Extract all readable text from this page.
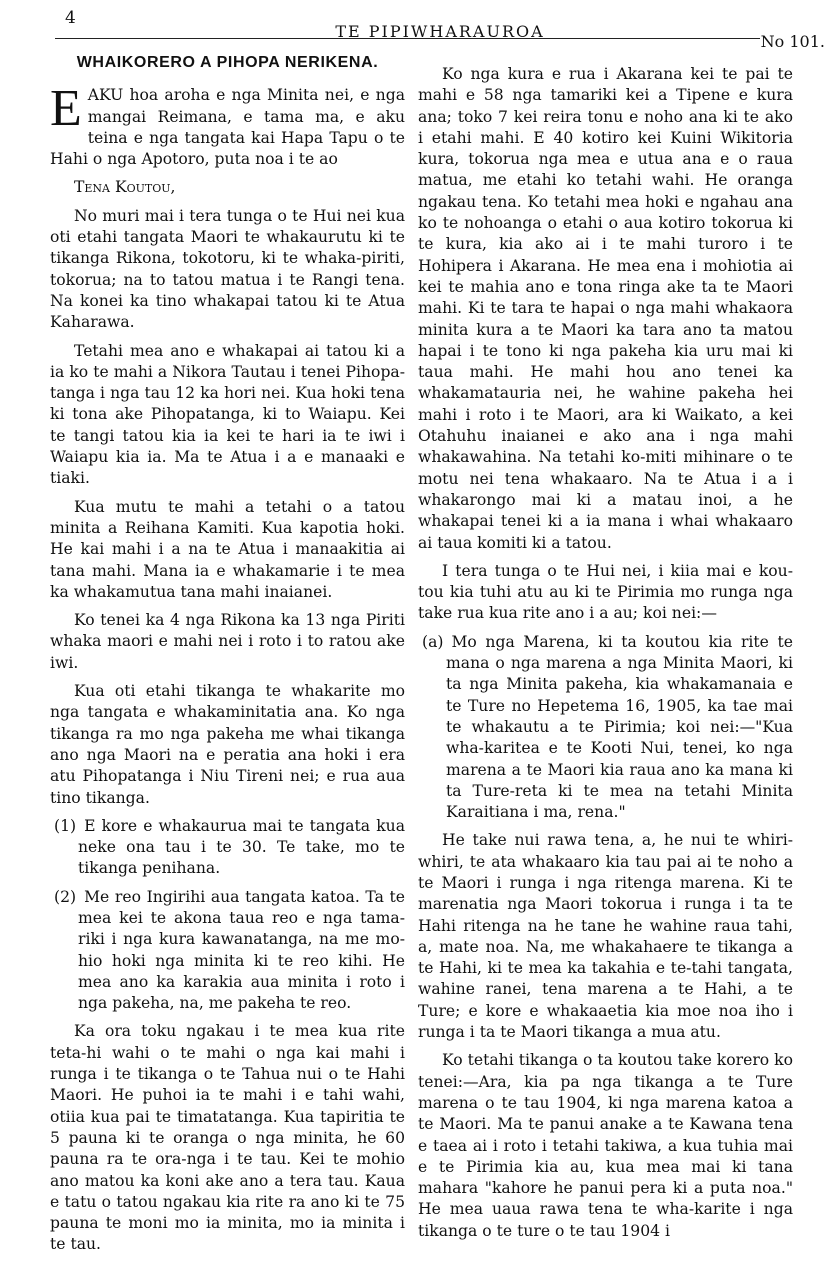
4
TE PIPIWHARAUROA
No 101.
WHAIKORERO A PIHOPA NERIKENA.

EAKU hoa aroha e nga Minita nei, e nga mangai Reimana, e tama ma, e aku teina e nga tangata kai Hapa Tapu o te Hahi o nga Apotoro, puta noa i te ao

Tena Koutou,

No muri mai i tera tunga o te Hui nei kua oti etahi tangata Maori te whakaurutu ki te tikanga Rikona, tokotoru, ki te whaka-piriti, tokorua; na to tatou matua i te Rangi tena. Na konei ka tino whakapai tatou ki te Atua Kaharawa.

Tetahi mea ano e whakapai ai tatou ki a ia ko te mahi a Nikora Tautau i tenei Pihopa-tanga i nga tau 12 ka hori nei. Kua hoki tena ki tona ake Pihopatanga, ki to Waiapu. Kei te tangi tatou kia ia kei te hari ia te iwi i Waiapu kia ia. Ma te Atua i a e manaaki e tiaki.

Kua mutu te mahi a tetahi o a tatou minita a Reihana Kamiti. Kua kapotia hoki. He kai mahi i a na te Atua i manaakitia ai tana mahi. Mana ia e whakamarie i te mea ka whakamutua tana mahi inaianei.

Ko tenei ka 4 nga Rikona ka 13 nga Piriti whaka maori e mahi nei i roto i to ratou ake iwi.

Kua oti etahi tikanga te whakarite mo nga tangata e whakaminitatia ana. Ko nga tikanga ra mo nga pakeha me whai tikanga ano nga Maori na e peratia ana hoki i era atu Pihopatanga i Niu Tireni nei; e rua aua tino tikanga.

(1) E kore e whakaurua mai te tangata kua neke ona tau i te 30. Te take, mo te tikanga penihana.

(2) Me reo Ingirihi aua tangata katoa. Ta te mea kei te akona taua reo e nga tama-riki i nga kura kawanatanga, na me mo-hio hoki nga minita ki te reo kihi. He mea ano ka karakia aua minita i roto i nga pakeha, na, me pakeha te reo.

Ka ora toku ngakau i te mea kua rite teta-hi wahi o te mahi o nga kai mahi i runga i te tikanga o te Tahua nui o te Hahi Maori. He puhoi ia te mahi i e tahi wahi, otiia kua pai te timatatanga. Kua tapiritia te 5 pauna ki te oranga o nga minita, he 60 pauna ra te ora-nga i te tau. Kei te mohio ano matou ka koni ake ano a tera tau. Kaua e tatu o tatou ngakau kia rite ra ano ki te 75 pauna te moni mo ia minita, mo ia minita i te tau.

Ko nga kura e rua i Akarana kei te pai te mahi e 58 nga tamariki kei a Tipene e kura ana; toko 7 kei reira tonu e noho ana ki te ako i etahi mahi. E 40 kotiro kei Kuini Wikitoria kura, tokorua nga mea e utua ana e o raua matua, me etahi ko tetahi wahi. He oranga ngakau tena. Ko tetahi mea hoki e ngahau ana ko te nohoanga o etahi o aua kotiro tokorua ki te kura, kia ako ai i te mahi turoro i te Hohipera i Akarana. He mea ena i mohiotia ai kei te mahia ano e tona ringa ake ta te Maori mahi. Ki te tara te hapai o nga mahi whakaora minita kura a te Maori ka tara ano ta matou hapai i te tono ki nga pakeha kia uru mai ki taua mahi. He mahi hou ano tenei ka whakamatauria nei, he wahine pakeha hei mahi i roto i te Maori, ara ki Waikato, a kei Otahuhu inaianei e ako ana i nga mahi whakawahina. Na tetahi ko-miti mihinare o te motu nei tena whakaaro. Na te Atua i a i whakarongo mai ki a matau inoi, a he whakapai tenei ki a ia mana i whai whakaaro ai taua komiti ki a tatou.

I tera tunga o te Hui nei, i kiia mai e kou-tou kia tuhi atu au ki te Pirimia mo runga nga take rua kua rite ano i a au; koi nei:—

(a) Mo nga Marena, ki ta koutou kia rite te mana o nga marena a nga Minita Maori, ki ta nga Minita pakeha, kia whakamanaia e te Ture no Hepetema 16, 1905, ka tae mai te whakautu a te Pirimia; koi nei:—"Kua wha-karitea e te Kooti Nui, tenei, ko nga marena a te Maori kia raua ano ka mana ki ta Ture-reta ki te mea na tetahi Minita Karaitiana i ma, rena."

He take nui rawa tena, a, he nui te whiri-whiri, te ata whakaaro kia tau pai ai te noho a te Maori i runga i nga ritenga marena. Ki te marenatia nga Maori tokorua i runga i ta te Hahi ritenga na he tane he wahine raua tahi, a, mate noa. Na, me whakahaere te tikanga a te Hahi, ki te mea ka takahia e te-tahi tangata, wahine ranei, tena marena a te Hahi, a te Ture; e kore e whakaaetia kia moe noa iho i runga i ta te Maori tikanga a mua atu.

Ko tetahi tikanga o ta koutou take korero ko tenei:—Ara, kia pa nga tikanga a te Ture marena o te tau 1904, ki nga marena katoa a te Maori. Ma te panui anake a te Kawana tena e taea ai i roto i tetahi takiwa, a kua tuhia mai e te Pirimia kia au, kua mea mai ki tana mahara "kahore he panui pera ki a puta noa." He mea uaua rawa tena te wha-karite i nga tikanga o te ture o te tau 1904 i
